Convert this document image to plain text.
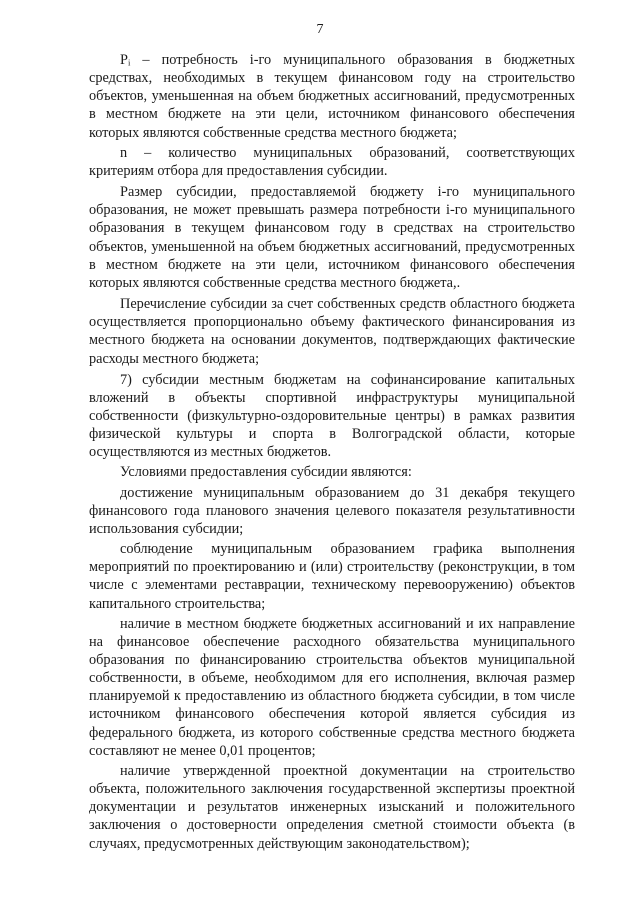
7

Pᵢ – потребность i-го муниципального образования в бюджетных средствах, необходимых в текущем финансовом году на строительство объектов, уменьшенная на объем бюджетных ассигнований, предусмотренных в местном бюджете на эти цели, источником финансового обеспечения которых являются собственные средства местного бюджета;

n – количество муниципальных образований, соответствующих критериям отбора для предоставления субсидии.

Размер субсидии, предоставляемой бюджету i-го муниципального образования, не может превышать размера потребности i-го муниципального образования в текущем финансовом году в средствах на строительство объектов, уменьшенной на объем бюджетных ассигнований, предусмотренных в местном бюджете на эти цели, источником финансового обеспечения которых являются собственные средства местного бюджета,.

Перечисление субсидии за счет собственных средств областного бюджета осуществляется пропорционально объему фактического финансирования из местного бюджета на основании документов, подтверждающих фактические расходы местного бюджета;

7) субсидии местным бюджетам на софинансирование капитальных вложений в объекты спортивной инфраструктуры муниципальной собственности (физкультурно-оздоровительные центры) в рамках развития физической культуры и спорта в Волгоградской области, которые осуществляются из местных бюджетов.

Условиями предоставления субсидии являются:

достижение муниципальным образованием до 31 декабря текущего финансового года планового значения целевого показателя результативности использования субсидии;

соблюдение муниципальным образованием графика выполнения мероприятий по проектированию и (или) строительству (реконструкции, в том числе с элементами реставрации, техническому перевооружению) объектов капитального строительства;

наличие в местном бюджете бюджетных ассигнований и их направление на финансовое обеспечение расходного обязательства муниципального образования по финансированию строительства объектов муниципальной собственности, в объеме, необходимом для его исполнения, включая размер планируемой к предоставлению из областного бюджета субсидии, в том числе источником финансового обеспечения которой является субсидия из федерального бюджета, из которого собственные средства местного бюджета составляют не менее 0,01 процентов;

наличие утвержденной проектной документации на строительство объекта, положительного заключения государственной экспертизы проектной документации и результатов инженерных изысканий и положительного заключения о достоверности определения сметной стоимости объекта (в случаях, предусмотренных действующим законодательством);
